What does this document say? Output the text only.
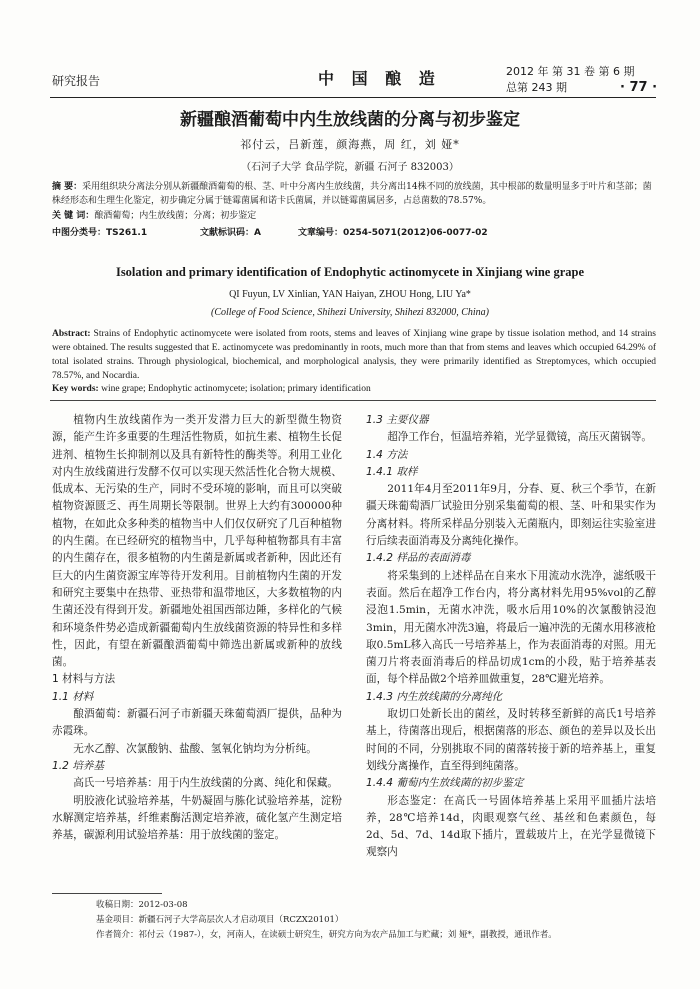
研究报告	中 国 酿 造	2012 年 第 31 卷 第 6 期
总第 243 期	· 77 ·
新疆酿酒葡萄中内生放线菌的分离与初步鉴定
祁付云，吕新莲，颜海燕，周 红，刘 娅*
（石河子大学 食品学院，新疆 石河子 832003）
摘 要：采用组织块分离法分别从新疆酿酒葡萄的根、茎、叶中分离内生放线菌，共分离出14株不同的放线菌，其中根部的数量明显多于叶片和茎部；菌株经形态和生理生化鉴定，初步确定分属于链霉菌属和诺卡氏菌属，并以链霉菌属居多，占总菌数的78.57%。
关 键 词：酿酒葡萄；内生放线菌；分离；初步鉴定
中图分类号：TS261.1	文献标识码：A	文章编号：0254-5071(2012)06-0077-02
Isolation and primary identification of Endophytic actinomycete in Xinjiang wine grape
QI Fuyun, LV Xinlian, YAN Haiyan, ZHOU Hong, LIU Ya*
(College of Food Science, Shihezi University, Shihezi 832000, China)
Abstract: Strains of Endophytic actinomycete were isolated from roots, stems and leaves of Xinjiang wine grape by tissue isolation method, and 14 strains were obtained. The results suggested that E. actinomycete was predominantly in roots, much more than that from stems and leaves which occupied 64.29% of total isolated strains. Through physiological, biochemical, and morphological analysis, they were primarily identified as Streptomyces, which occupied 78.57%, and Nocardia.
Key words: wine grape; Endophytic actinomycete; isolation; primary identification

植物内生放线菌作为一类开发潜力巨大的新型微生物资源，能产生许多重要的生理活性物质，如抗生素、植物生长促进剂、植物生长抑制剂以及具有新特性的酶类等。利用工业化对内生放线菌进行发酵不仅可以实现天然活性化合物大规模、低成本、无污染的生产，同时不受环境的影响，而且可以突破植物资源匮乏、再生周期长等限制。世界上大约有300000种植物，在如此众多种类的植物当中人们仅仅研究了几百种植物的内生菌。在已经研究的植物当中，几乎每种植物都具有丰富的内生菌存在，很多植物的内生菌是新属或者新种，因此还有巨大的内生菌资源宝库等待开发利用。目前植物内生菌的开发和研究主要集中在热带、亚热带和温带地区，大多数植物的内生菌还没有得到开发。新疆地处祖国西部边陲，多样化的气候和环境条件势必造成新疆葡萄内生放线菌资源的特异性和多样性，因此，有望在新疆酿酒葡萄中筛选出新属或新种的放线菌。

1 材料与方法

1.1 材料

酿酒葡萄：新疆石河子市新疆天珠葡萄酒厂提供，品种为赤霞珠。

无水乙醇、次氯酸钠、盐酸、氢氧化钠均为分析纯。

1.2 培养基

高氏一号培养基：用于内生放线菌的分离、纯化和保藏。

明胶液化试验培养基，牛奶凝固与胨化试验培养基，淀粉水解测定培养基，纤维素酶活测定培养液，硫化氢产生测定培养基，碳源利用试验培养基：用于放线菌的鉴定。

1.3 主要仪器

超净工作台，恒温培养箱，光学显微镜，高压灭菌锅等。

1.4 方法

1.4.1 取样

2011年4月至2011年9月，分春、夏、秋三个季节，在新疆天珠葡萄酒厂试验田分别采集葡萄的根、茎、叶和果实作为分离材料。将所采样品分别装入无菌瓶内，即刻运往实验室进行后续表面消毒及分离纯化操作。

1.4.2 样品的表面消毒

将采集到的上述样品在自来水下用流动水洗净，滤纸吸干表面。然后在超净工作台内，将分离材料先用95%vol的乙醇浸泡1.5min，无菌水冲洗，吸水后用10%的次氯酸钠浸泡3min，用无菌水冲洗3遍，将最后一遍冲洗的无菌水用移液枪取0.5mL移入高氏一号培养基上，作为表面消毒的对照。用无菌刀片将表面消毒后的样品切成1cm的小段，贴于培养基表面，每个样品做2个培养皿做重复，28℃避光培养。

1.4.3 内生放线菌的分离纯化

取切口处新长出的菌丝，及时转移至新鲜的高氏1号培养基上，待菌落出现后，根据菌落的形态、颜色的差异以及长出时间的不同，分别挑取不同的菌落转接于新的培养基上，重复划线分离操作，直至得到纯菌落。

1.4.4 葡萄内生放线菌的初步鉴定

形态鉴定：在高氏一号固体培养基上采用平皿插片法培养，28℃培养14d，肉眼观察气丝、基丝和色素颜色，每2d、5d、7d、14d取下插片，置载玻片上，在光学显微镜下观察内

收稿日期：2012-03-08
基金项目：新疆石河子大学高层次人才启动项目（RCZX20101）
作者简介：祁付云（1987-），女，河南人，在读硕士研究生，研究方向为农产品加工与贮藏；刘 娅*，副教授，通讯作者。
